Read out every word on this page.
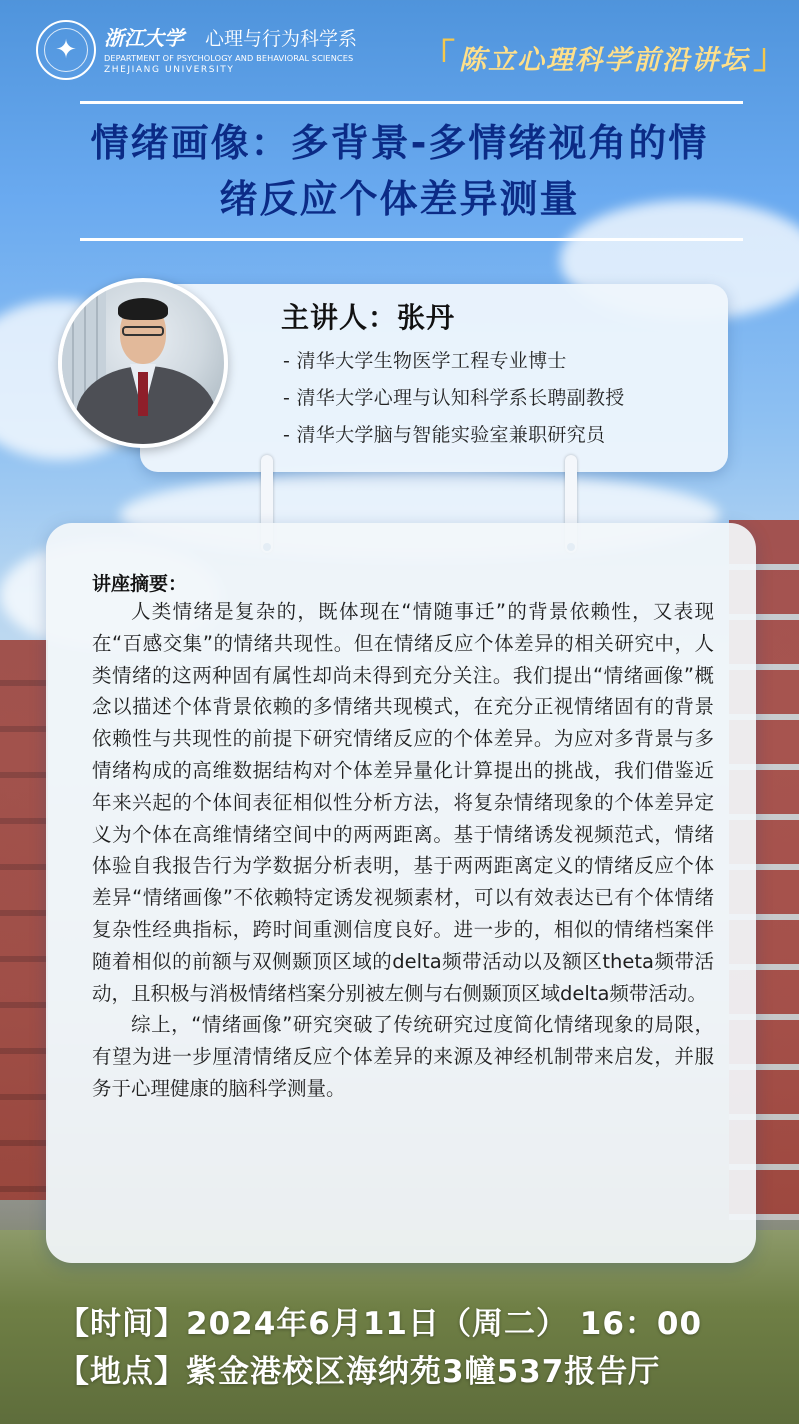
✦	浙江大学 心理与行为科学系
DEPARTMENT OF PSYCHOLOGY AND BEHAVIORAL SCIENCES
ZHEJIANG UNIVERSITY	「 陈立心理科学前沿讲坛 」
情绪画像：多背景-多情绪视角的情
绪反应个体差异测量
主讲人：张丹
- 清华大学生物医学工程专业博士
- 清华大学心理与认知科学系长聘副教授
- 清华大学脑与智能实验室兼职研究员
讲座摘要：

人类情绪是复杂的，既体现在“情随事迁”的背景依赖性，又表现在“百感交集”的情绪共现性。但在情绪反应个体差异的相关研究中，人类情绪的这两种固有属性却尚未得到充分关注。我们提出“情绪画像”概念以描述个体背景依赖的多情绪共现模式，在充分正视情绪固有的背景依赖性与共现性的前提下研究情绪反应的个体差异。为应对多背景与多情绪构成的高维数据结构对个体差异量化计算提出的挑战，我们借鉴近年来兴起的个体间表征相似性分析方法，将复杂情绪现象的个体差异定义为个体在高维情绪空间中的两两距离。基于情绪诱发视频范式，情绪体验自我报告行为学数据分析表明，基于两两距离定义的情绪反应个体差异“情绪画像”不依赖特定诱发视频素材，可以有效表达已有个体情绪复杂性经典指标，跨时间重测信度良好。进一步的，相似的情绪档案伴随着相似的前额与双侧颞顶区域的delta频带活动以及额区theta频带活动，且积极与消极情绪档案分别被左侧与右侧颞顶区域delta频带活动。

综上，“情绪画像”研究突破了传统研究过度简化情绪现象的局限，有望为进一步厘清情绪反应个体差异的来源及神经机制带来启发，并服务于心理健康的脑科学测量。

【时间】2024年6月11日（周二） 16：00
【地点】紫金港校区海纳苑3幢537报告厅
